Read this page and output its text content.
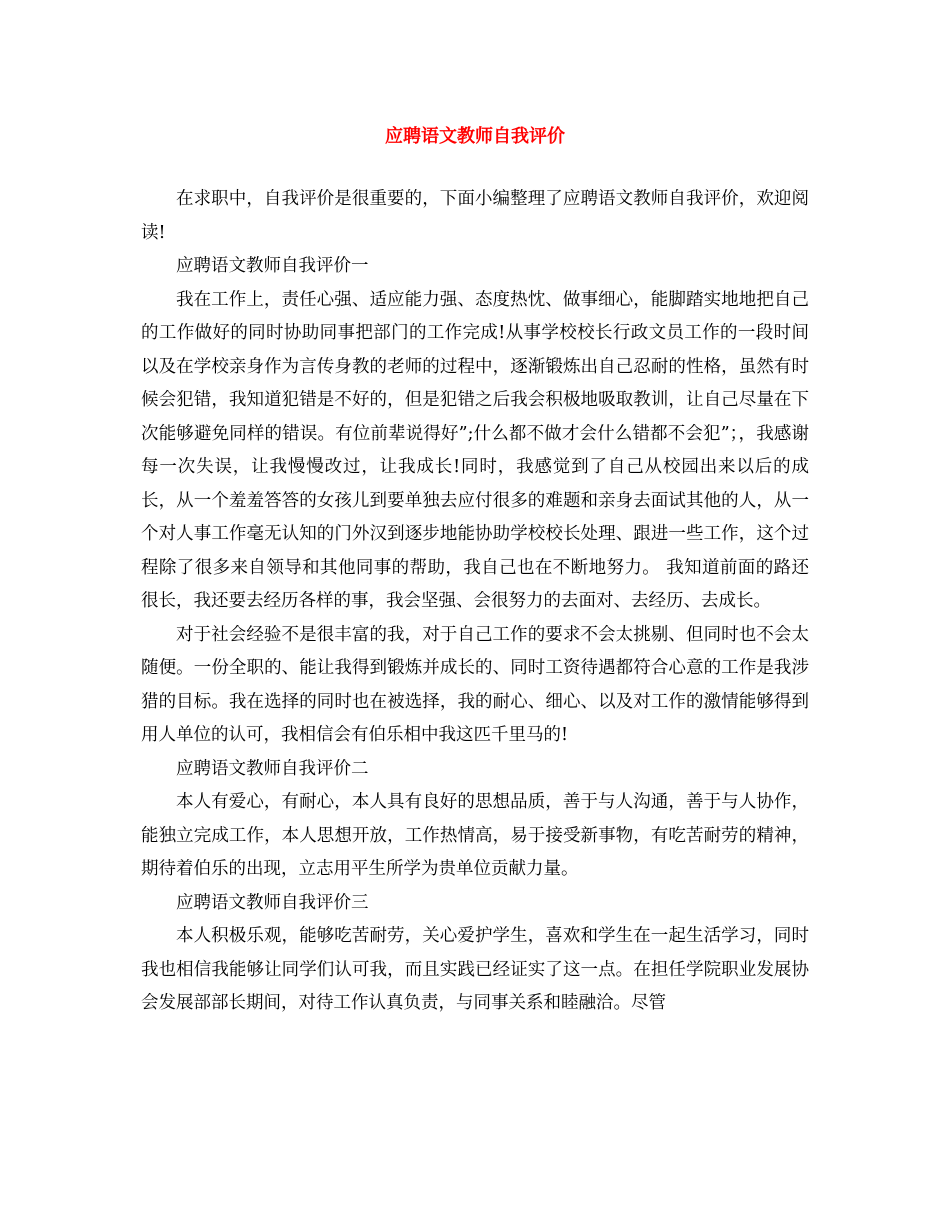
应聘语文教师自我评价

在求职中，自我评价是很重要的，下面小编整理了应聘语文教师自我评价，欢迎阅读!

应聘语文教师自我评价一

我在工作上，责任心强、适应能力强、态度热忱、做事细心，能脚踏实地地把自己的工作做好的同时协助同事把部门的工作完成!从事学校校长行政文员工作的一段时间以及在学校亲身作为言传身教的老师的过程中，逐渐锻炼出自己忍耐的性格，虽然有时候会犯错，我知道犯错是不好的，但是犯错之后我会积极地吸取教训，让自己尽量在下次能够避免同样的错误。有位前辈说得好”;什么都不做才会什么错都不会犯”；，我感谢每一次失误，让我慢慢改过，让我成长!同时，我感觉到了自己从校园出来以后的成长，从一个羞羞答答的女孩儿到要单独去应付很多的难题和亲身去面试其他的人，从一个对人事工作毫无认知的门外汉到逐步地能协助学校校长处理、跟进一些工作，这个过程除了很多来自领导和其他同事的帮助，我自己也在不断地努力。 我知道前面的路还很长，我还要去经历各样的事，我会坚强、会很努力的去面对、去经历、去成长。

对于社会经验不是很丰富的我，对于自己工作的要求不会太挑剔、但同时也不会太随便。一份全职的、能让我得到锻炼并成长的、同时工资待遇都符合心意的工作是我涉猎的目标。我在选择的同时也在被选择，我的耐心、细心、以及对工作的激情能够得到用人单位的认可，我相信会有伯乐相中我这匹千里马的!

应聘语文教师自我评价二

本人有爱心，有耐心，本人具有良好的思想品质，善于与人沟通，善于与人协作，能独立完成工作，本人思想开放，工作热情高，易于接受新事物，有吃苦耐劳的精神，期待着伯乐的出现，立志用平生所学为贵单位贡献力量。

应聘语文教师自我评价三

本人积极乐观，能够吃苦耐劳，关心爱护学生，喜欢和学生在一起生活学习，同时我也相信我能够让同学们认可我，而且实践已经证实了这一点。在担任学院职业发展协会发展部部长期间，对待工作认真负责，与同事关系和睦融洽。尽管
